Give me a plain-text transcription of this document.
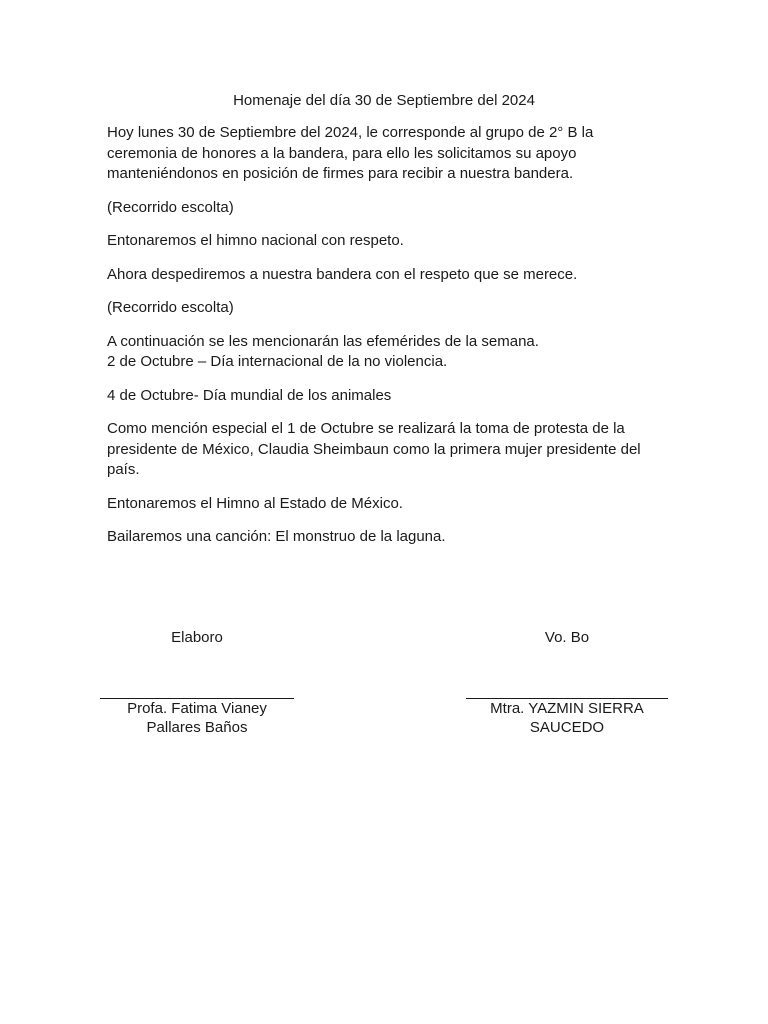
Homenaje del día 30 de Septiembre del 2024

Hoy lunes 30 de Septiembre del 2024, le corresponde al grupo de 2° B la
ceremonia de honores a la bandera, para ello les solicitamos su apoyo
manteniéndonos en posición de firmes para recibir a nuestra bandera.

(Recorrido escolta)

Entonaremos el himno nacional con respeto.

Ahora despediremos a nuestra bandera con el respeto que se merece.

(Recorrido escolta)

A continuación se les mencionarán las efemérides de la semana.
2 de Octubre – Día internacional de la no violencia.

4 de Octubre- Día mundial de los animales

Como mención especial el 1 de Octubre se realizará la toma de protesta de la
presidente de México, Claudia Sheimbaun como la primera mujer presidente del
país.

Entonaremos el Himno al Estado de México.

Bailaremos una canción: El monstruo de la laguna.

Elaboro
Profa. Fatima Vianey
Pallares Baños
Vo. Bo
Mtra. YAZMIN SIERRA
SAUCEDO
